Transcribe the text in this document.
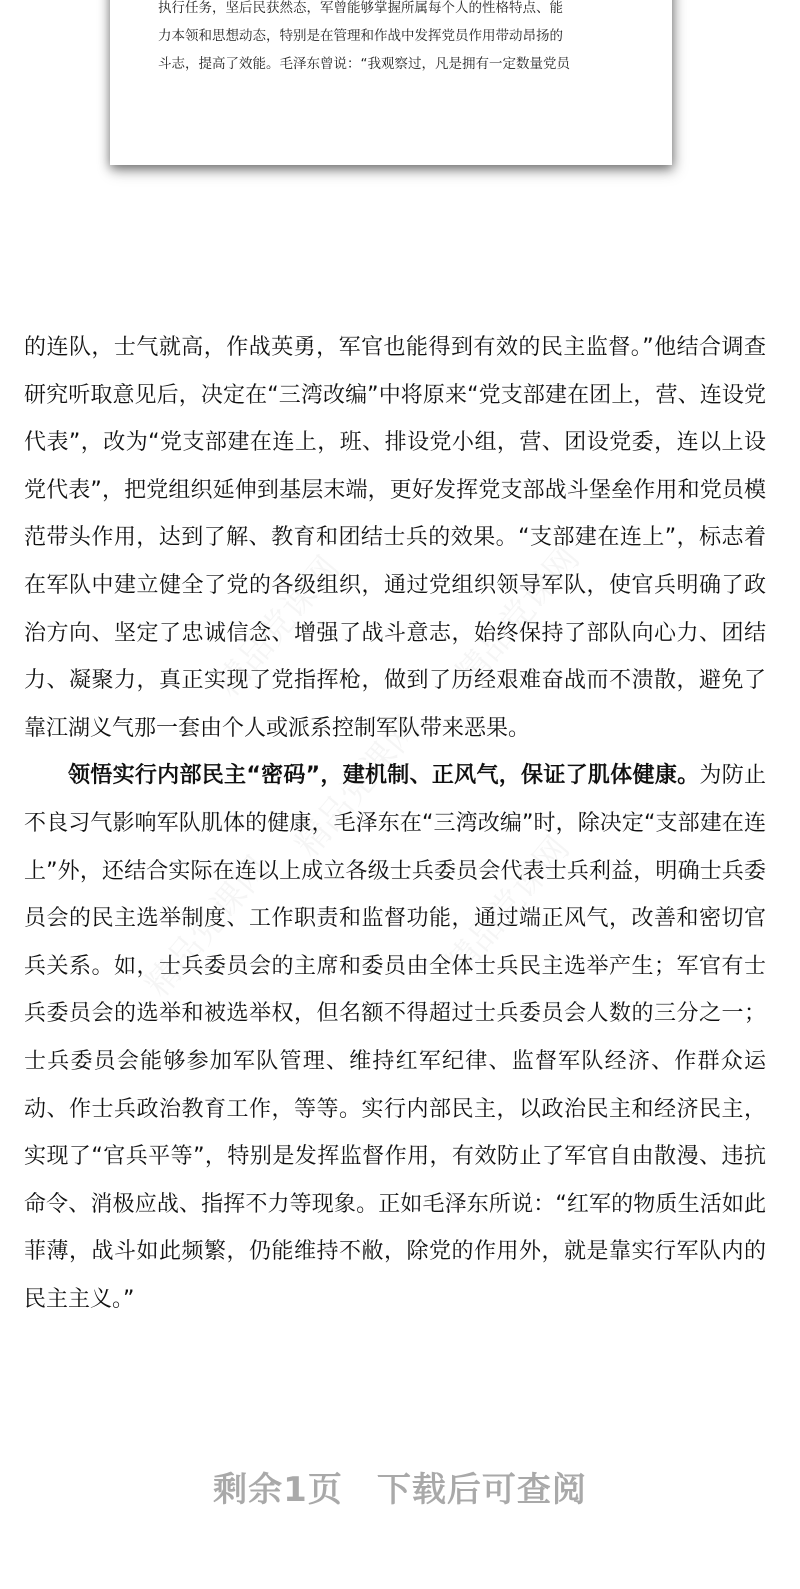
执行任务，坚后民获然态，军曾能够掌握所属每个人的性格特点、能
力本领和思想动态，特别是在管理和作战中发挥党员作用带动昂扬的
斗志，提高了效能。毛泽东曾说：“我观察过，凡是拥有一定数量党员

精品党课网	精品党课网
精品党课网
精品党课网	精品党课网

的连队，士气就高，作战英勇，军官也能得到有效的民主监督。”他结合调查研究听取意见后，决定在“三湾改编”中将原来“党支部建在团上，营、连设党代表”，改为“党支部建在连上，班、排设党小组，营、团设党委，连以上设党代表”，把党组织延伸到基层末端，更好发挥党支部战斗堡垒作用和党员模范带头作用，达到了解、教育和团结士兵的效果。“支部建在连上”，标志着在军队中建立健全了党的各级组织，通过党组织领导军队，使官兵明确了政治方向、坚定了忠诚信念、增强了战斗意志，始终保持了部队向心力、团结力、凝聚力，真正实现了党指挥枪，做到了历经艰难奋战而不溃散，避免了靠江湖义气那一套由个人或派系控制军队带来恶果。

领悟实行内部民主“密码”，建机制、正风气，保证了肌体健康。为防止不良习气影响军队肌体的健康，毛泽东在“三湾改编”时，除决定“支部建在连上”外，还结合实际在连以上成立各级士兵委员会代表士兵利益，明确士兵委员会的民主选举制度、工作职责和监督功能，通过端正风气，改善和密切官兵关系。如，士兵委员会的主席和委员由全体士兵民主选举产生；军官有士兵委员会的选举和被选举权，但名额不得超过士兵委员会人数的三分之一；士兵委员会能够参加军队管理、维持红军纪律、监督军队经济、作群众运动、作士兵政治教育工作，等等。实行内部民主，以政治民主和经济民主，实现了“官兵平等”，特别是发挥监督作用，有效防止了军官自由散漫、违抗命令、消极应战、指挥不力等现象。正如毛泽东所说：“红军的物质生活如此菲薄，战斗如此频繁，仍能维持不敝，除党的作用外，就是靠实行军队内的民主主义。”

剩余1页 下载后可查阅
